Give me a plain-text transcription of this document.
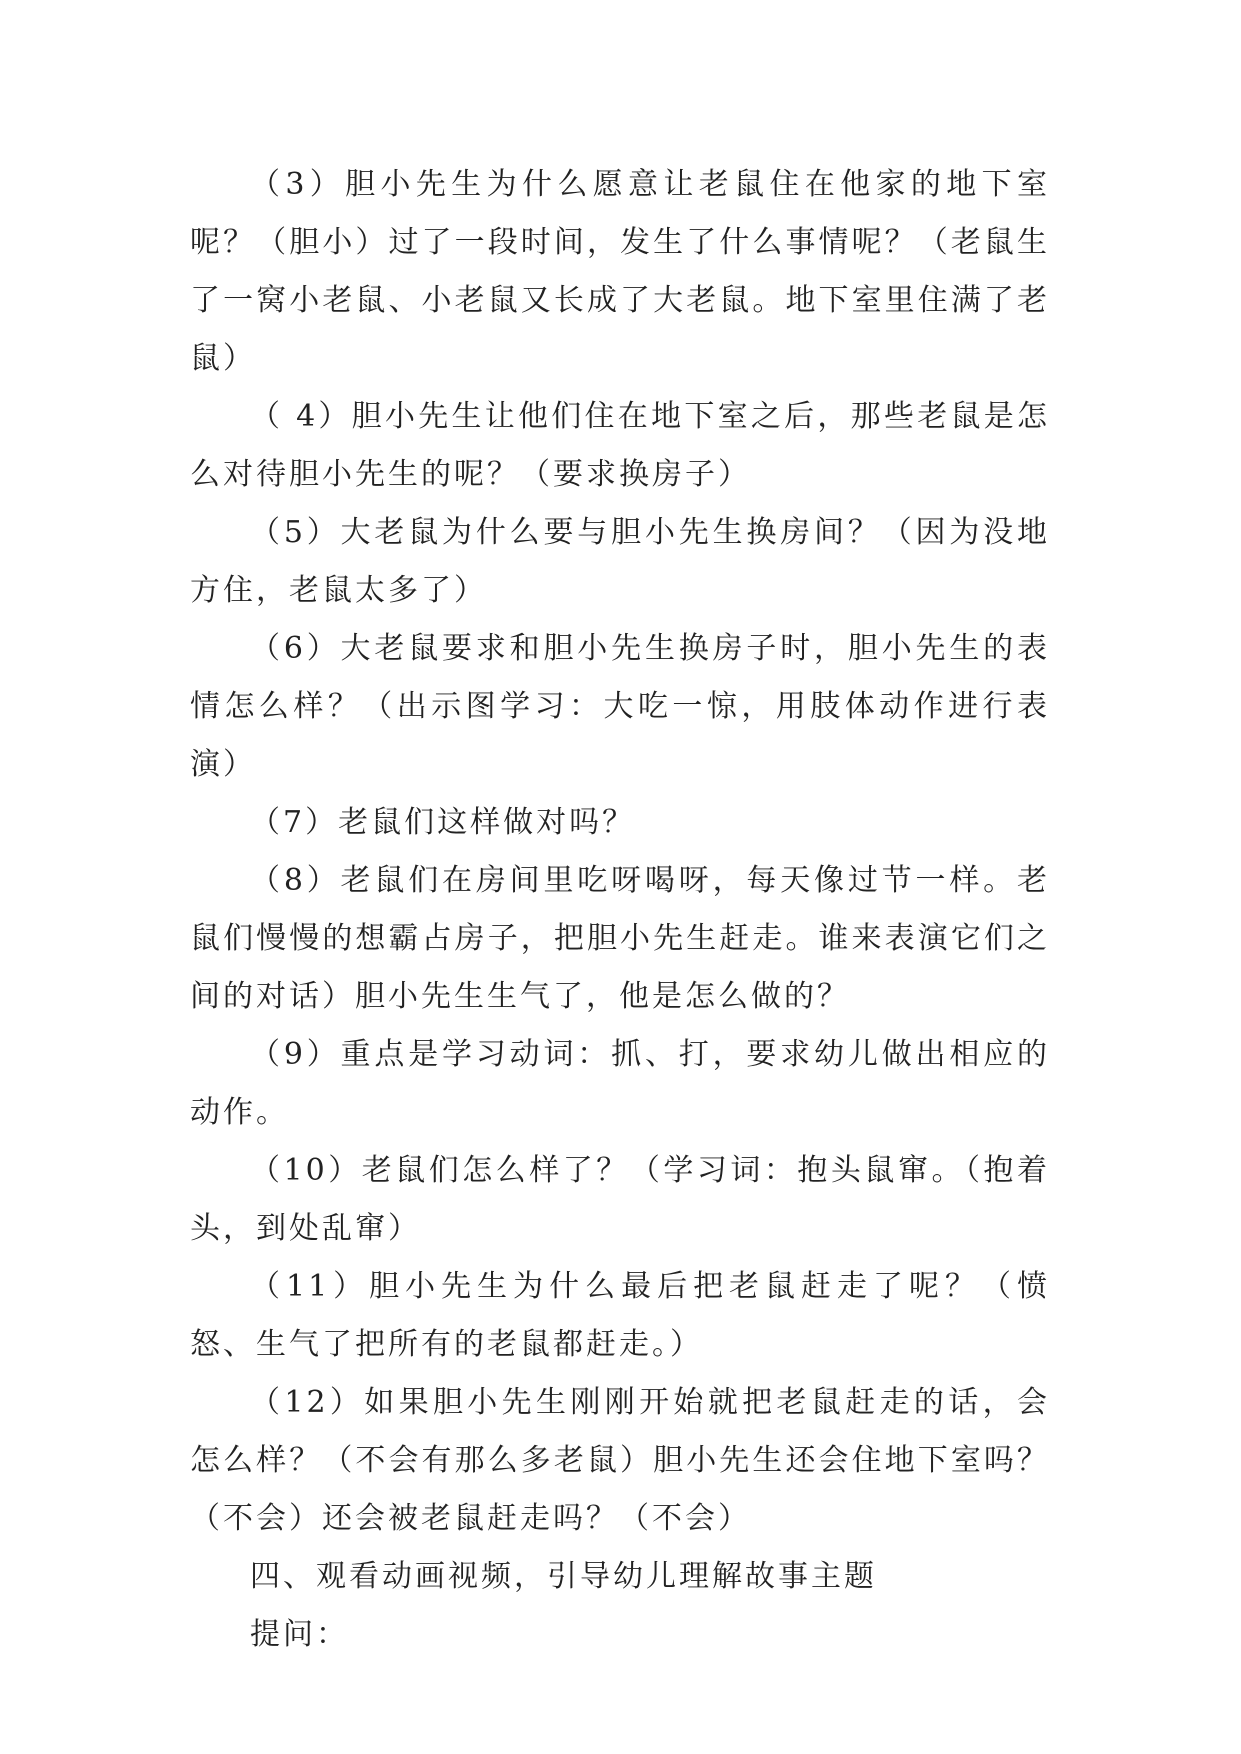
（3）胆小先生为什么愿意让老鼠住在他家的地下室呢？（胆小）过了一段时间，发生了什么事情呢？（老鼠生了一窝小老鼠、小老鼠又长成了大老鼠。地下室里住满了老鼠）

（ 4）胆小先生让他们住在地下室之后，那些老鼠是怎么对待胆小先生的呢？（要求换房子）

（5）大老鼠为什么要与胆小先生换房间？（因为没地方住，老鼠太多了）

（6）大老鼠要求和胆小先生换房子时，胆小先生的表情怎么样？（出示图学习：大吃一惊，用肢体动作进行表演）

（7）老鼠们这样做对吗？

（8）老鼠们在房间里吃呀喝呀，每天像过节一样。老鼠们慢慢的想霸占房子，把胆小先生赶走。谁来表演它们之间的对话）胆小先生生气了，他是怎么做的？

（9）重点是学习动词：抓、打，要求幼儿做出相应的动作。

（10）老鼠们怎么样了？（学习词：抱头鼠窜。（抱着头，到处乱窜）

（11）胆小先生为什么最后把老鼠赶走了呢？（愤怒、生气了把所有的老鼠都赶走。）

（12）如果胆小先生刚刚开始就把老鼠赶走的话，会怎么样？（不会有那么多老鼠）胆小先生还会住地下室吗？（不会）还会被老鼠赶走吗？（不会）

四、观看动画视频，引导幼儿理解故事主题

提问：
